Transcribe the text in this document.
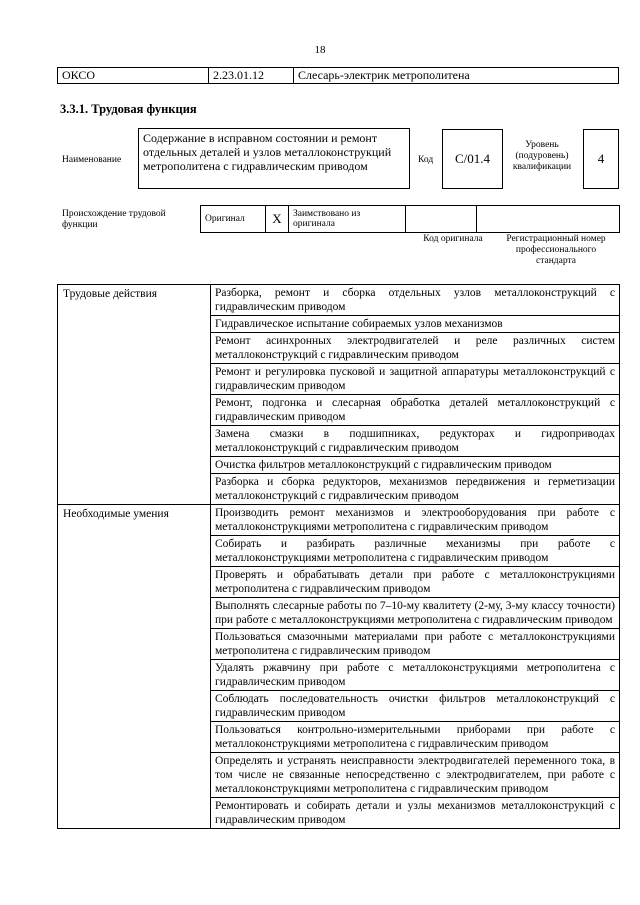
18
ОКСО	2.23.01.12	Слесарь-электрик метрополитена
3.3.1. Трудовая функция
Наименование
Содержание в исправном состоянии и ремонт отдельных деталей и узлов металлоконструкций метрополитена с гидравлическим приводом	Код	C/01.4
Уровень (подуровень) квалификации
4
Происхождение трудовой функции
Оригинал	X	Заимствовано из оригинала		
Код оригинала	Регистрационный номер профессионального стандарта
Трудовые действия	Разборка, ремонт и сборка отдельных узлов металлоконструкций с гидравлическим приводом
	Гидравлическое испытание собираемых узлов механизмов
	Ремонт асинхронных электродвигателей и реле различных систем металлоконструкций с гидравлическим приводом
	Ремонт и регулировка пусковой и защитной аппаратуры металлоконструкций с гидравлическим приводом
	Ремонт, подгонка и слесарная обработка деталей металлоконструкций с гидравлическим приводом
	Замена смазки в подшипниках, редукторах и гидроприводах металлоконструкций с гидравлическим приводом
	Очистка фильтров металлоконструкций с гидравлическим приводом
	Разборка и сборка редукторов, механизмов передвижения и герметизации металлоконструкций с гидравлическим приводом
Необходимые умения	Производить ремонт механизмов и электрооборудования при работе с металлоконструкциями метрополитена с гидравлическим приводом
	Собирать и разбирать различные механизмы при работе с металлоконструкциями метрополитена с гидравлическим приводом
	Проверять и обрабатывать детали при работе с металлоконструкциями метрополитена с гидравлическим приводом
	Выполнять слесарные работы по 7–10-му квалитету (2-му, 3-му классу точности) при работе с металлоконструкциями метрополитена с гидравлическим приводом
	Пользоваться смазочными материалами при работе с металлоконструкциями метрополитена с гидравлическим приводом
	Удалять ржавчину при работе с металлоконструкциями метрополитена с гидравлическим приводом
	Соблюдать последовательность очистки фильтров металлоконструкций с гидравлическим приводом
	Пользоваться контрольно-измерительными приборами при работе с металлоконструкциями метрополитена с гидравлическим приводом
	Определять и устранять неисправности электродвигателей переменного тока, в том числе не связанные непосредственно с электродвигателем, при работе с металлоконструкциями метрополитена с гидравлическим приводом
	Ремонтировать и собирать детали и узлы механизмов металлоконструкций с гидравлическим приводом
